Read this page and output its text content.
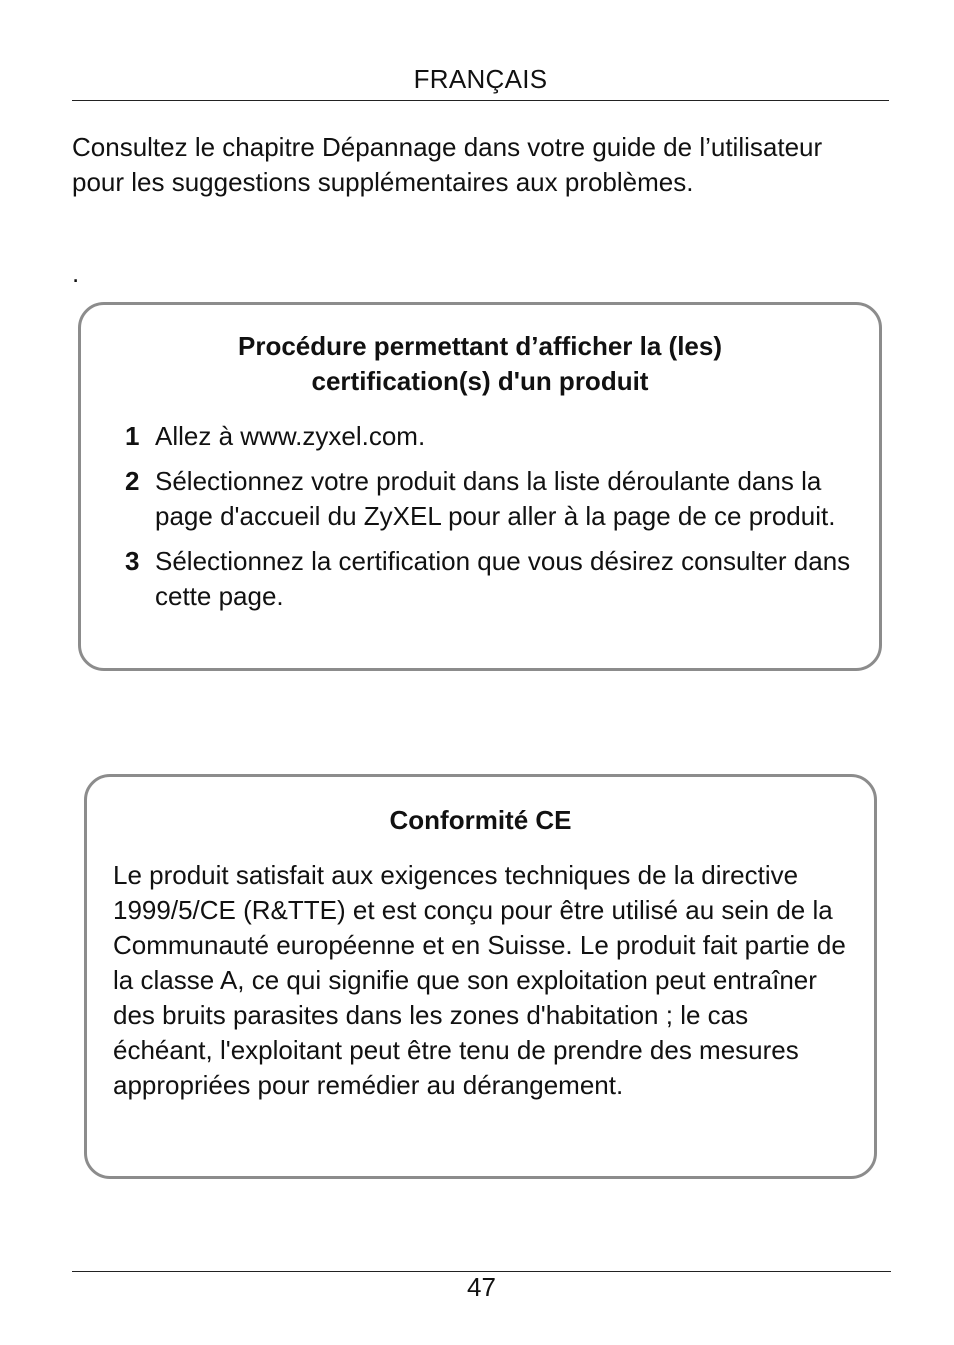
FRANÇAIS

Consultez le chapitre Dépannage dans votre guide de l’utilisateur pour les suggestions supplémentaires aux problèmes.

.
Procédure permettant d’afficher la (les)
certification(s) d'un produit
1 Allez à www.zyxel.com.
2 Sélectionnez votre produit dans la liste déroulante dans la page d'accueil du ZyXEL pour aller à la page de ce produit.
3 Sélectionnez la certification que vous désirez consulter dans cette page.
Conformité CE

Le produit satisfait aux exigences techniques de la directive 1999/5/CE (R&TTE) et est conçu pour être utilisé au sein de la Communauté européenne et en Suisse. Le produit fait partie de la classe A, ce qui signifie que son exploitation peut entraîner des bruits parasites dans les zones d'habitation ; le cas échéant, l'exploitant peut être tenu de prendre des mesures appropriées pour remédier au dérangement.

47
